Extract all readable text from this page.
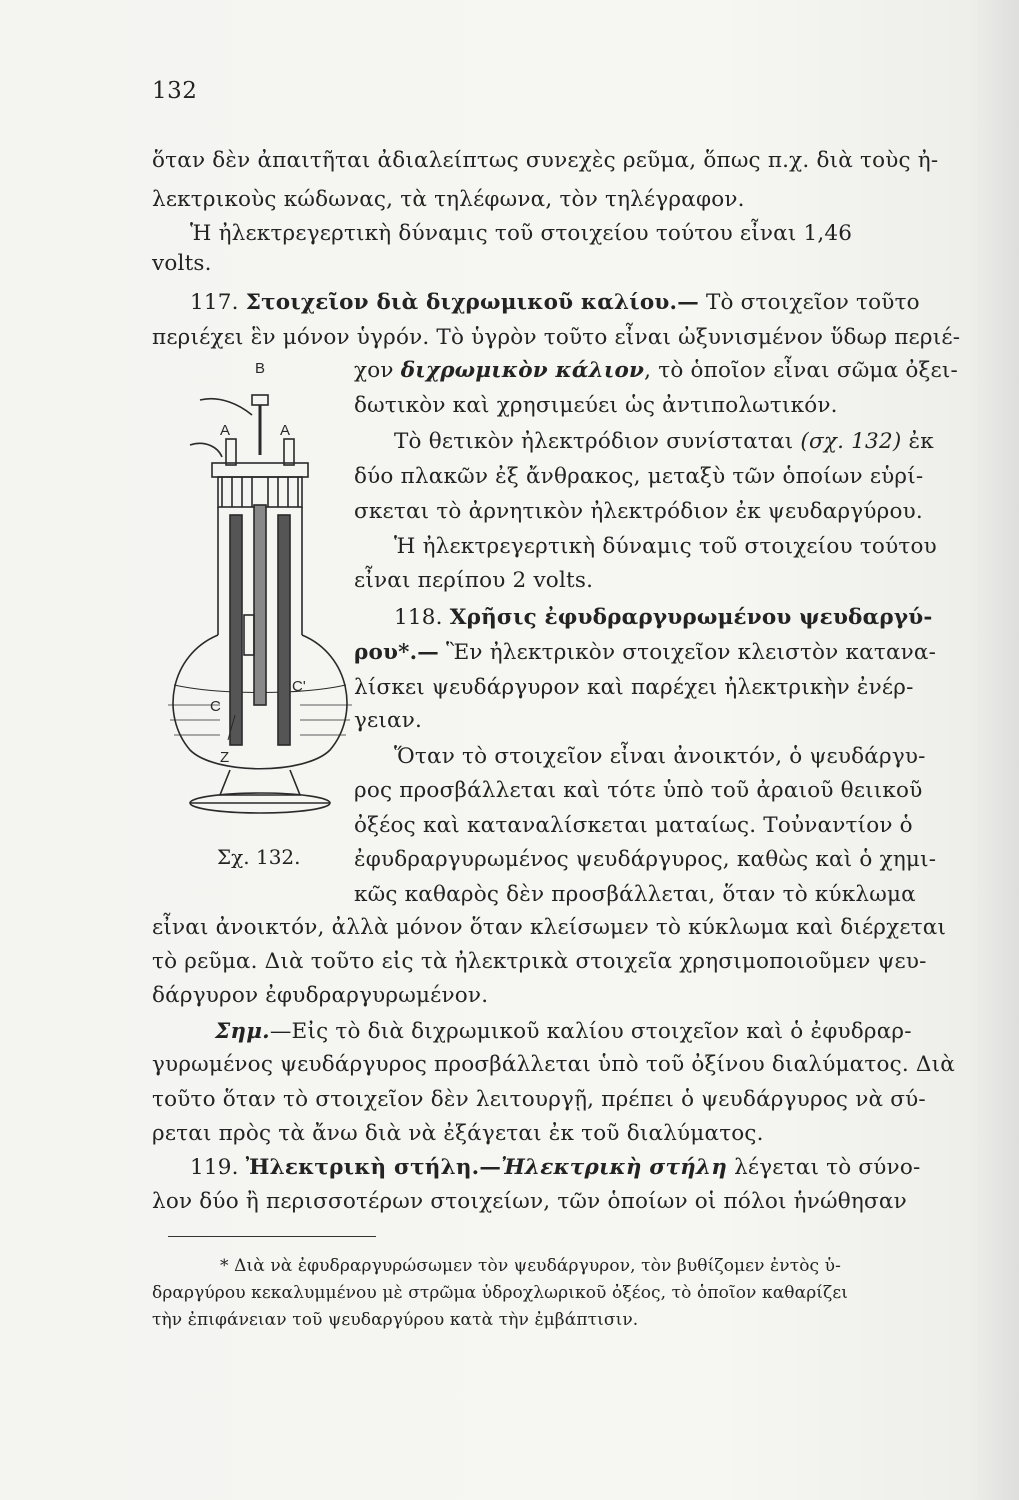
132
ὅταν δὲν ἀπαιτῆται ἀδιαλείπτως συνεχὲς ρεῦμα, ὅπως π.χ. διὰ τοὺς ἠ-
λεκτρικοὺς κώδωνας, τὰ τηλέφωνα, τὸν τηλέγραφον.
Ἡ ἠλεκτρεγερτικὴ δύναμις τοῦ στοιχείου τούτου εἶναι 1,46
volts.
117. Στοιχεῖον διὰ διχρωμικοῦ καλίου.— Τὸ στοιχεῖον τοῦτο
περιέχει ἓν μόνον ὑγρόν. Τὸ ὑγρὸν τοῦτο εἶναι ὠξυνισμένον ὕδωρ περιέ-
χον διχρωμικὸν κάλιον, τὸ ὁποῖον εἶναι σῶμα ὀξει-
δωτικὸν καὶ χρησιμεύει ὡς ἀντιπολωτικόν.
Τὸ θετικὸν ἠλεκτρόδιον συνίσταται (σχ. 132) ἐκ
δύο πλακῶν ἐξ ἄνθρακος, μεταξὺ τῶν ὁποίων εὑρί-
σκεται τὸ ἀρνητικὸν ἠλεκτρόδιον ἐκ ψευδαργύρου.
Ἡ ἠλεκτρεγερτικὴ δύναμις τοῦ στοιχείου τούτου
εἶναι περίπου 2 volts.
118. Χρῆσις ἐφυδραργυρωμένου ψευδαργύ-
ρου*.— Ἓν ἠλεκτρικὸν στοιχεῖον κλειστὸν κατανα-
λίσκει ψευδάργυρον καὶ παρέχει ἠλεκτρικὴν ἐνέρ-
γειαν.
Ὅταν τὸ στοιχεῖον εἶναι ἀνοικτόν, ὁ ψευδάργυ-
ρος προσβάλλεται καὶ τότε ὑπὸ τοῦ ἀραιοῦ θειικοῦ
ὀξέος καὶ καταναλίσκεται ματαίως. Τοὐναντίον ὁ
ἐφυδραργυρωμένος ψευδάργυρος, καθὼς καὶ ὁ χημι-
κῶς καθαρὸς δὲν προσβάλλεται, ὅταν τὸ κύκλωμα
εἶναι ἀνοικτόν, ἀλλὰ μόνον ὅταν κλείσωμεν τὸ κύκλωμα καὶ διέρχεται
τὸ ρεῦμα. Διὰ τοῦτο εἰς τὰ ἠλεκτρικὰ στοιχεῖα χρησιμοποιοῦμεν ψευ-
δάργυρον ἐφυδραργυρωμένον.
Σημ.—Εἰς τὸ διὰ διχρωμικοῦ καλίου στοιχεῖον καὶ ὁ ἐφυδραρ-
γυρωμένος ψευδάργυρος προσβάλλεται ὑπὸ τοῦ ὀξίνου διαλύματος. Διὰ
τοῦτο ὅταν τὸ στοιχεῖον δὲν λειτουργῇ, πρέπει ὁ ψευδάργυρος νὰ σύ-
ρεται πρὸς τὰ ἄνω διὰ νὰ ἐξάγεται ἐκ τοῦ διαλύματος.
119. Ἠλεκτρικὴ στήλη.—Ἠλεκτρικὴ στήλη λέγεται τὸ σύνο-
λον δύο ἢ περισσοτέρων στοιχείων, τῶν ὁποίων οἱ πόλοι ἡνώθησαν
* Διὰ νὰ ἐφυδραργυρώσωμεν τὸν ψευδάργυρον, τὸν βυθίζομεν ἐντὸς ὑ-
δραργύρου κεκαλυμμένου μὲ στρῶμα ὑδροχλωρικοῦ ὀξέος, τὸ ὁποῖον καθαρίζει
τὴν ἐπιφάνειαν τοῦ ψευδαργύρου κατὰ τὴν ἐμβάπτισιν.
B
A	A
C
C'
Z
Σχ. 132.
